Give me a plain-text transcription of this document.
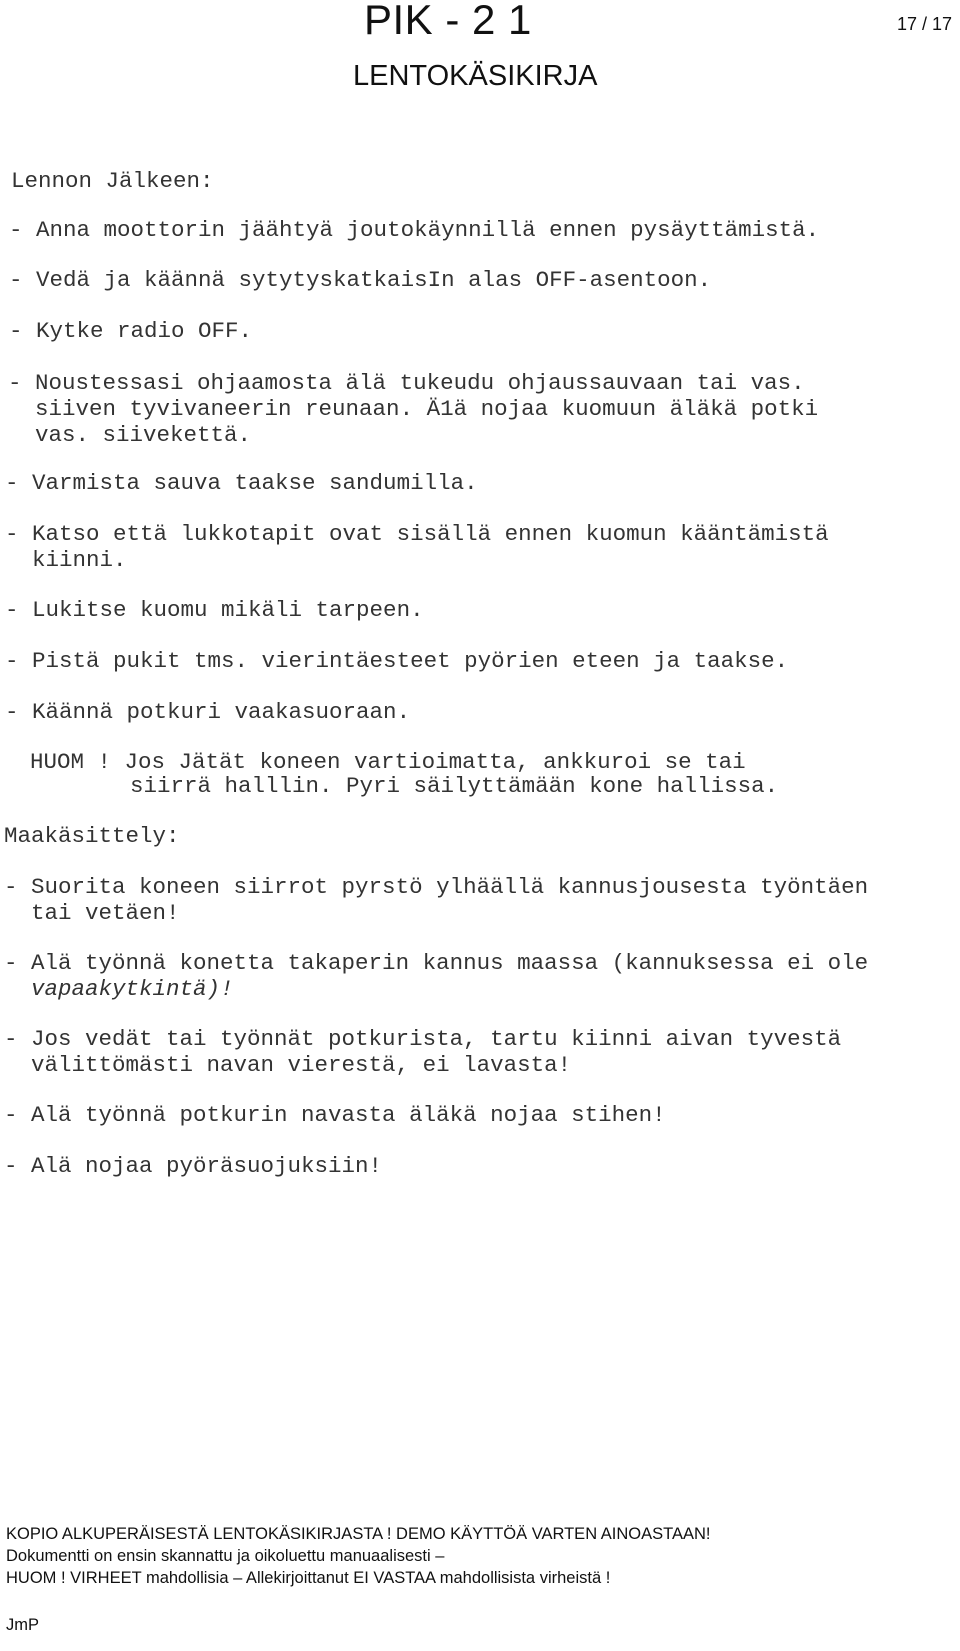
PIK - 2 1	17 / 17
LENTOKÄSIKIRJA
Lennon Jälkeen:
- Anna moottorin jäähtyä joutokäynnillä ennen pysäyttämistä.
- Vedä ja käännä sytytyskatkaisIn alas OFF-asentoon.
- Kytke radio OFF.
- Noustessasi ohjaamosta älä tukeudu ohjaussauvaan tai vas.
siiven tyvivaneerin reunaan. Ä1ä nojaa kuomuun äläkä potki
vas. siivekettä.
- Varmista sauva taakse sandumilla.
- Katso että lukkotapit ovat sisällä ennen kuomun kääntämistä
kiinni.
- Lukitse kuomu mikäli tarpeen.
- Pistä pukit tms. vierintäesteet pyörien eteen ja taakse.
- Käännä potkuri vaakasuoraan.
HUOM ! Jos Jätät koneen vartioimatta, ankkuroi se tai
siirrä halllin. Pyri säilyttämään kone hallissa.
Maakäsittely:
- Suorita koneen siirrot pyrstö ylhäällä kannusjousesta työntäen
tai vetäen!
- Alä työnnä konetta takaperin kannus maassa (kannuksessa ei ole
vapaakytkintä)!
- Jos vedät tai työnnät potkurista, tartu kiinni aivan tyvestä
välittömästi navan vierestä, ei lavasta!
- Alä työnnä potkurin navasta äläkä nojaa stihen!
- Alä nojaa pyöräsuojuksiin!
KOPIO ALKUPERÄISESTÄ LENTOKÄSIKIRJASTA ! DEMO KÄYTTÖÄ VARTEN AINOASTAAN!
Dokumentti on ensin skannattu ja oikoluettu manuaalisesti –
HUOM ! VIRHEET mahdollisia – Allekirjoittanut EI VASTAA mahdollisista virheistä !
JmP
